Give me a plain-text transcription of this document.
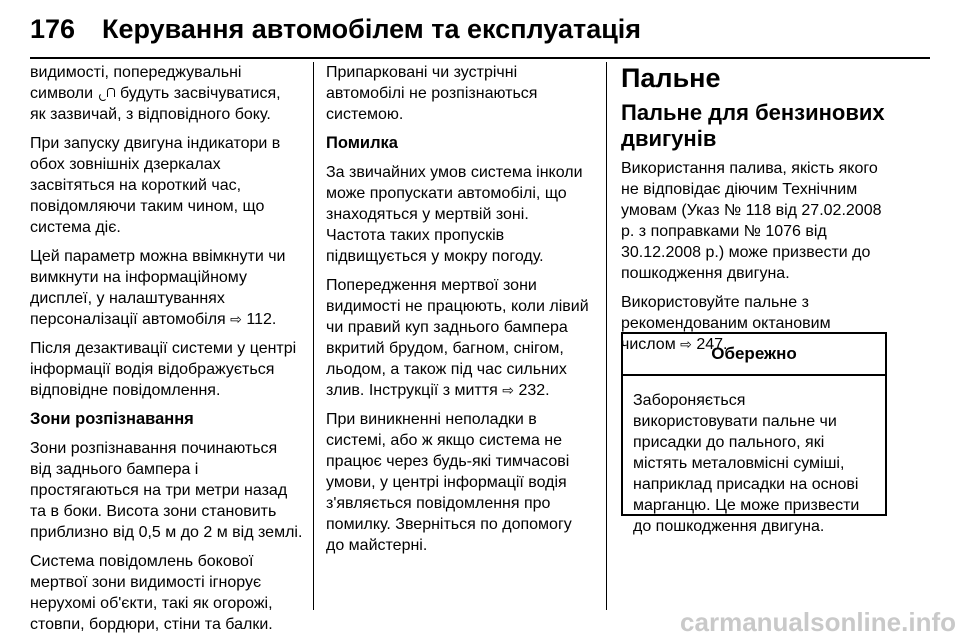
176 Керування автомобілем та експлуатація

видимості, попереджувальні
символи будуть засвічуватися,
як зазвичай, з відповідного боку.

При запуску двигуна індикатори в
обох зовнішніх дзеркалах
засвітяться на короткий час,
повідомляючи таким чином, що
система діє.

Цей параметр можна ввімкнути чи
вимкнути на інформаційному
дисплеї, у налаштуваннях
персоналізації автомобіля ⇨ 112.

Після дезактивації системи у центрі
інформації водія відображується
відповідне повідомлення.

Зони розпізнавання

Зони розпізнавання починаються
від заднього бампера і
простягаються на три метри назад
та в боки. Висота зони становить
приблизно від 0,5 м до 2 м від землі.

Система повідомлень бокової
мертвої зони видимості ігнорує
нерухомі об'єкти, такі як огорожі,
стовпи, бордюри, стіни та балки.

Припарковані чи зустрічні
автомобілі не розпізнаються
системою.

Помилка

За звичайних умов система інколи
може пропускати автомобілі, що
знаходяться у мертвій зоні.
Частота таких пропусків
підвищується у мокру погоду.

Попередження мертвої зони
видимості не працюють, коли лівий
чи правий куп заднього бампера
вкритий брудом, багном, снігом,
льодом, а також під час сильних
злив. Інструкції з миття ⇨ 232.

При виникненні неполадки в
системі, або ж якщо система не
працює через будь-які тимчасові
умови, у центрі інформації водія
з'являється повідомлення про
помилку. Зверніться по допомогу
до майстерні.

Пальне
Пальне для бензинових
двигунів

Використання палива, якість якого
не відповідає діючим Технічним
умовам (Указ № 118 від 27.02.2008
р. з поправками № 1076 від
30.12.2008 р.) може призвести до
пошкодження двигуна.

Використовуйте пальне з
рекомендованим октановим
числом ⇨ 247.

Обережно
Забороняється
використовувати пальне чи
присадки до пального, які
містять металовмісні суміші,
наприклад присадки на основі
марганцю. Це може призвести
до пошкодження двигуна.
carmanualsonline.info
